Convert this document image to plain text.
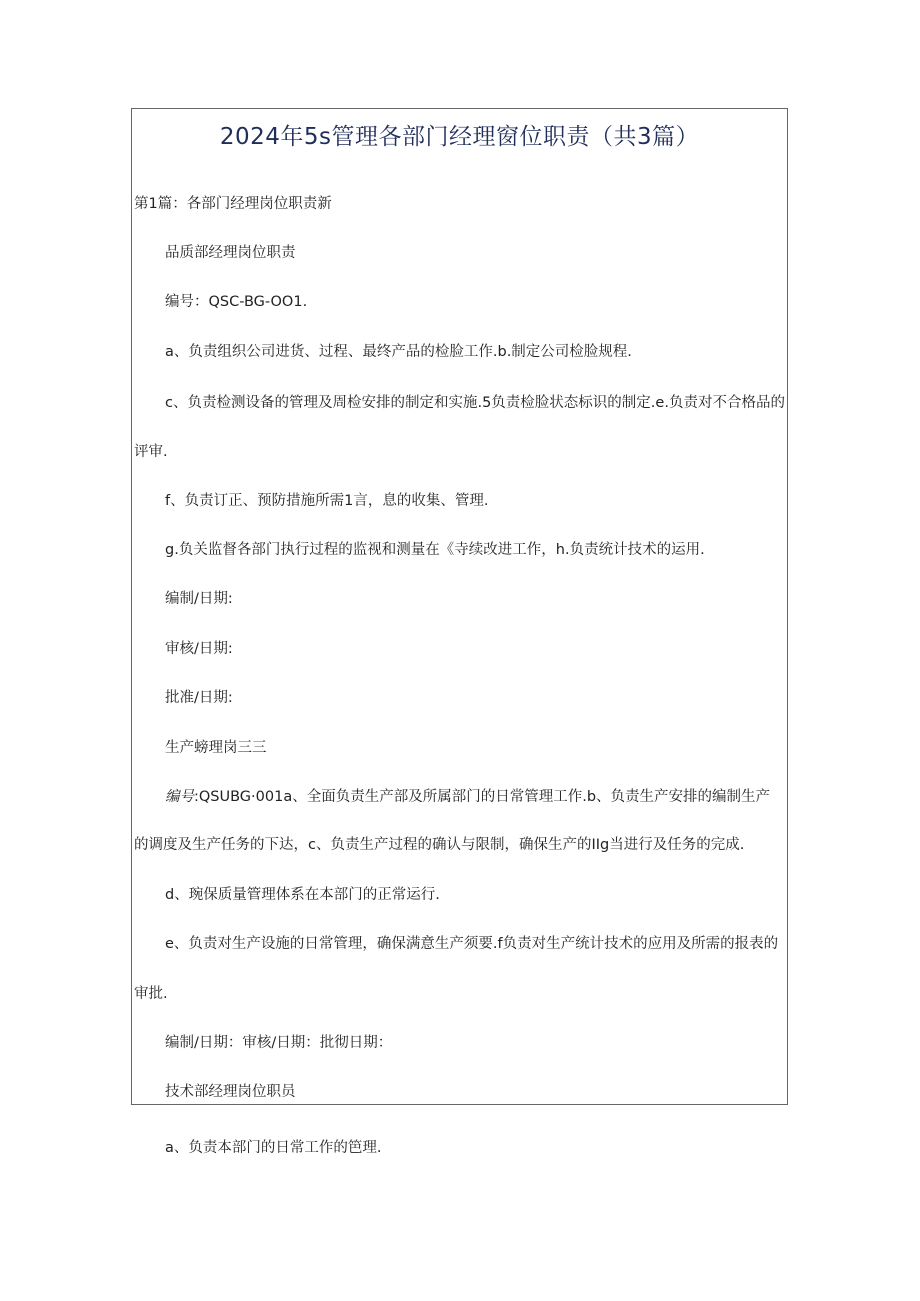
2024年5s管理各部门经理窗位职责（共3篇）
第1篇：各部门经理岗位职责新
品质部经理岗位职责
编号：QSC-BG-OO1.
a、负责组织公司进货、过程、最终产品的检脸工作.b.制定公司检脸规程.
c、负责检测设备的管理及周检安排的制定和实施.5负责检脸状态标识的制定.e.负责对不合格品的
评审.
f、负责订正、预防措施所需1言，息的收集、管理.
g.负关监督各部门执行过程的监视和测量在《寺续改进工作，h.负责统计技术的运用.
编制/日期:
审核/日期:
批准/日期:
生产螃理岗三三
编号:QSUBG·001a、全面负责生产部及所属部门的日常管理工作.b、负责生产安排的编制生产
的调度及生产任务的下达，c、负责生产过程的确认与限制，确保生产的IIg当进行及任务的完成.
d、琬保质量管理体系在本部门的正常运行.
e、负责对生产设施的日常管理，确保满意生产须要.f负责对生产统计技术的应用及所需的报表的
审批.
编制/日期：审核/日期：批彻日期：
技术部经理岗位职员
a、负责本部门的日常工作的笆理.
